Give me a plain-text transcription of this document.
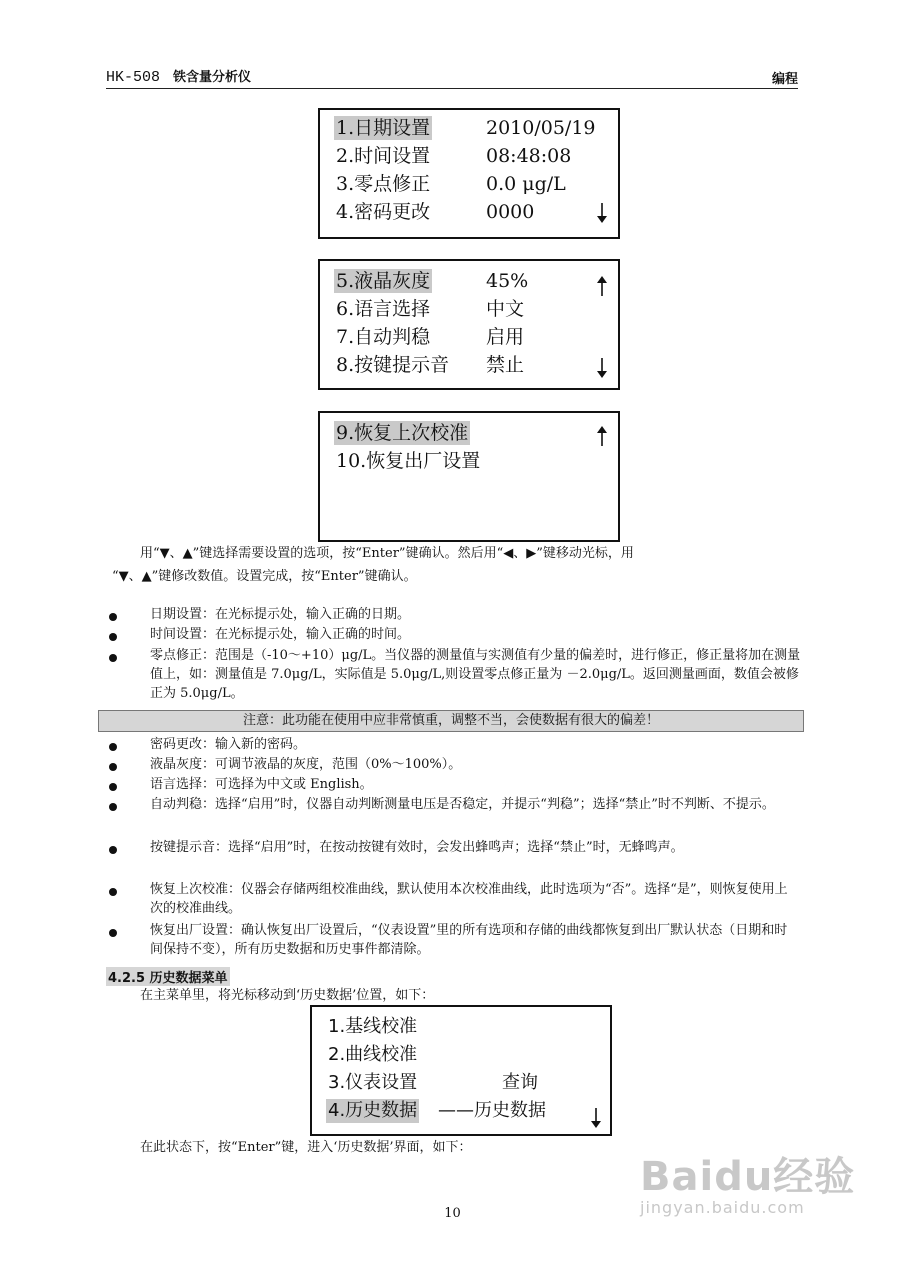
HK-508 铁含量分析仪	编程
1.日期设置	2010/05/19
2.时间设置	08:48:08
3.零点修正	0.0 μg/L
4.密码更改	0000
5.液晶灰度	45%
6.语言选择	中文
7.自动判稳	启用
8.按键提示音 禁止
9.恢复上次校准
10.恢复出厂设置
用“▼、▲”键选择需要设置的选项，按“Enter”键确认。然后用“◀、▶”键移动光标，用
“▼、▲”键修改数值。设置完成，按“Enter”键确认。
日期设置：在光标提示处，输入正确的日期。
时间设置：在光标提示处，输入正确的时间。
零点修正：范围是（-10～+10）μg/L。当仪器的测量值与实测值有少量的偏差时，进行修正，修正量将加在测量值上，如：测量值是 7.0μg/L，实际值是 5.0μg/L,则设置零点修正量为 －2.0μg/L。返回测量画面，数值会被修正为 5.0μg/L。
注意：此功能在使用中应非常慎重，调整不当，会使数据有很大的偏差！
密码更改：输入新的密码。
液晶灰度：可调节液晶的灰度，范围（0%～100%）。
语言选择：可选择为中文或 English。
自动判稳：选择“启用”时，仪器自动判断测量电压是否稳定，并提示“判稳”；选择“禁止”时不判断、不提示。
按键提示音：选择“启用”时，在按动按键有效时，会发出蜂鸣声；选择“禁止”时，无蜂鸣声。
恢复上次校准：仪器会存储两组校准曲线，默认使用本次校准曲线，此时选项为“否”。选择“是”，则恢复使用上次的校准曲线。
恢复出厂设置：确认恢复出厂设置后，“仪表设置”里的所有选项和存储的曲线都恢复到出厂默认状态（日期和时间保持不变），所有历史数据和历史事件都清除。
4.2.5 历史数据菜单
在主菜单里，将光标移动到‘历史数据’位置，如下：
1.基线校准
2.曲线校准
3.仪表设置	查询
4.历史数据 ——历史数据
在此状态下，按“Enter”键，进入‘历史数据’界面，如下：
10
Baidu经验
jingyan.baidu.com
